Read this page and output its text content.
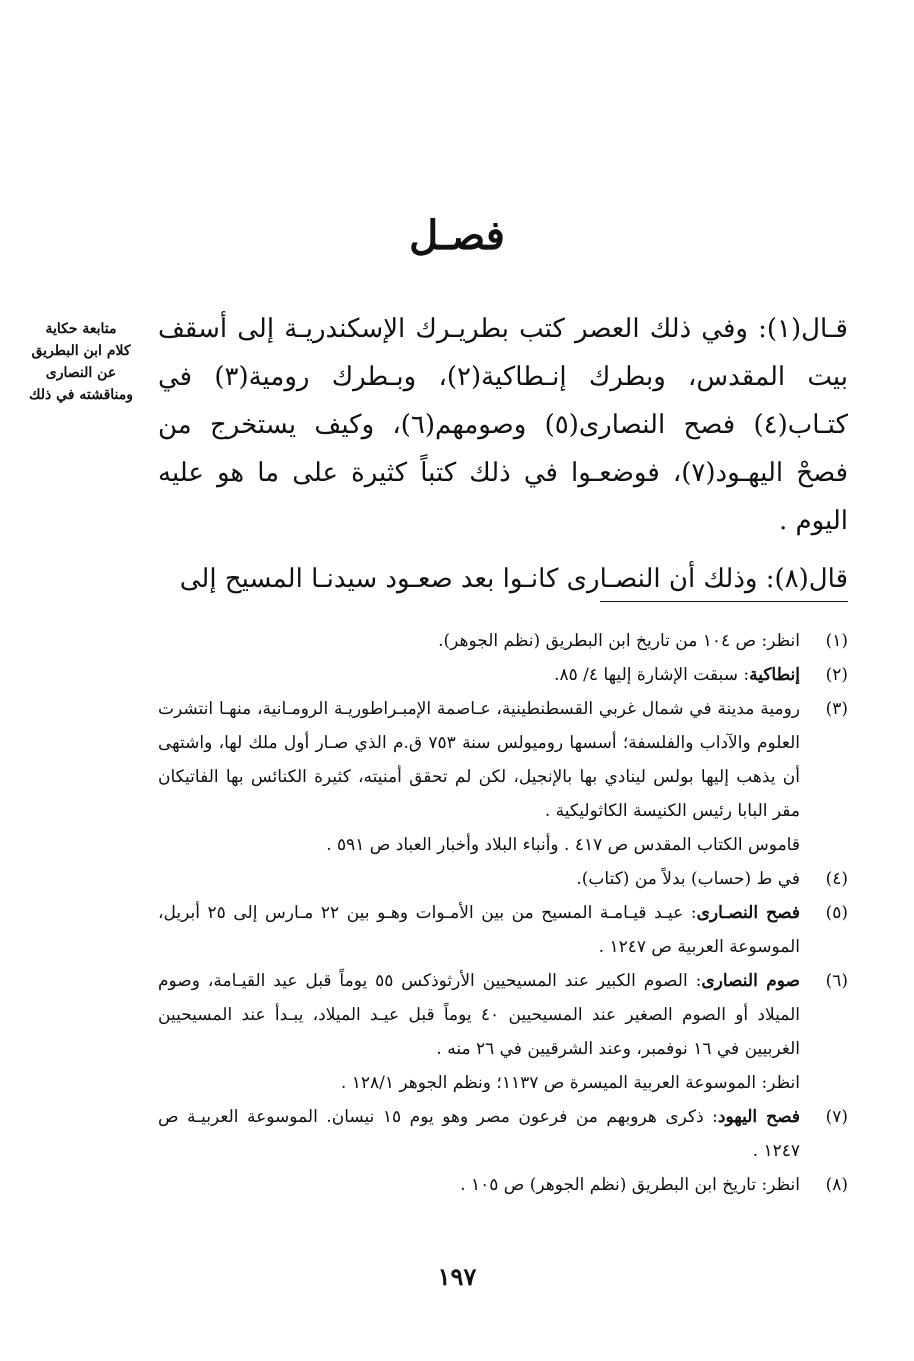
فصـل
متابعة حكاية
كلام ابن البطريق
عن النصارى
ومناقشته في ذلك

قـال(١): وفي ذلك العصر كتب بطريـرك الإسكندريـة إلى أسقف بيت المقدس، وبطرك إنـطاكية(٢)، وبـطرك رومية(٣) في كتـاب(٤) فصح النصارى(٥) وصومهم(٦)، وكيف يستخرج من فصحْ اليهـود(٧)، فوضعـوا في ذلك كتباً كثيرة على ما هو عليه اليوم .

قال(٨): وذلك أن النصـارى كانـوا بعد صعـود سيدنـا المسيح إلى

(١)
انظر: ص ١٠٤ من تاريخ ابن البطريق (نظم الجوهر).
(٢)
إنطاكية: سبقت الإشارة إليها ٤/ ٨٥.
(٣)
رومية مدينة في شمال غربي القسطنطينية، عـاصمة الإمبـراطوريـة الرومـانية، منهـا انتشرت العلوم والآداب والفلسفة؛ أسسها روميولس سنة ٧٥٣ ق.م الذي صـار أول ملك لها، واشتهى أن يذهب إليها بولس لينادي بها بالإنجيل، لكن لم تحقق أمنيته، كثيرة الكنائس بها الفاتيكان مقر البابا رئيس الكنيسة الكاثوليكية .
قاموس الكتاب المقدس ص ٤١٧ . وأنباء البلاد وأخبار العباد ص ٥٩١ .
(٤)
في ط (حساب) بدلاً من (كتاب).
(٥)
فصح النصـارى: عيـد قيـامـة المسيح من بين الأمـوات وهـو بين ٢٢ مـارس إلى ٢٥ أبريل، الموسوعة العربية ص ١٢٤٧ .
(٦)
صوم النصارى: الصوم الكبير عند المسيحيين الأرثوذكس ٥٥ يوماً قبل عيد القيـامة، وصوم الميلاد أو الصوم الصغير عند المسيحيين ٤٠ يوماً قبل عيـد الميلاد، يبـدأ عند المسيحيين الغربيين في ١٦ نوفمبر، وعند الشرقيين في ٢٦ منه .
انظر: الموسوعة العربية الميسرة ص ١١٣٧؛ ونظم الجوهر ١٢٨/١ .
(٧)
فصح اليهود: ذكرى هروبهم من فرعون مصر وهو يوم ١٥ نيسان. الموسوعة العربيـة ص ١٢٤٧ .
(٨)
انظر: تاريخ ابن البطريق (نظم الجوهر) ص ١٠٥ .
١٩٧
